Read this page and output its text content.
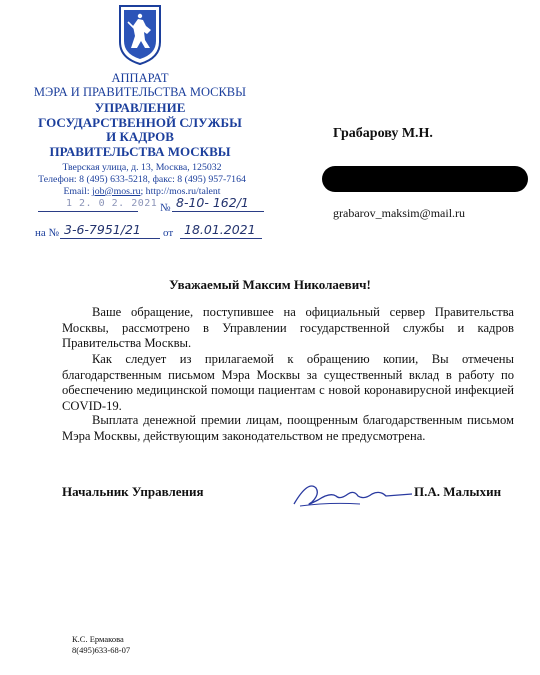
АППАРАТ
МЭРА И ПРАВИТЕЛЬСТВА МОСКВЫ
УПРАВЛЕНИЕ
ГОСУДАРСТВЕННОЙ СЛУЖБЫ
И КАДРОВ
ПРАВИТЕЛЬСТВА МОСКВЫ
Тверская улица, д. 13, Москва, 125032
Телефон: 8 (495) 633-5218, факс: 8 (495) 957-7164
Email: job@mos.ru; http://mos.ru/talent
1 2. 0 2. 2021 № 8-10- 162/1
на № 3-6-7951/21 от 18.01.2021
Грабарову М.Н.
grabarov_maksim@mail.ru
Уважаемый Максим Николаевич!
Ваше обращение, поступившее на официальный сервер Правительства Москвы, рассмотрено в Управлении государственной службы и кадров Правительства Москвы.
Как следует из прилагаемой к обращению копии, Вы отмечены благодарственным письмом Мэра Москвы за существенный вклад в работу по обеспечению медицинской помощи пациентам с новой коронавирусной инфекцией COVID-19.
Выплата денежной премии лицам, поощренным благодарственным письмом Мэра Москвы, действующим законодательством не предусмотрена.
Начальник Управления	П.А. Малыхин
К.С. Ермакова
8(495)633-68-07
